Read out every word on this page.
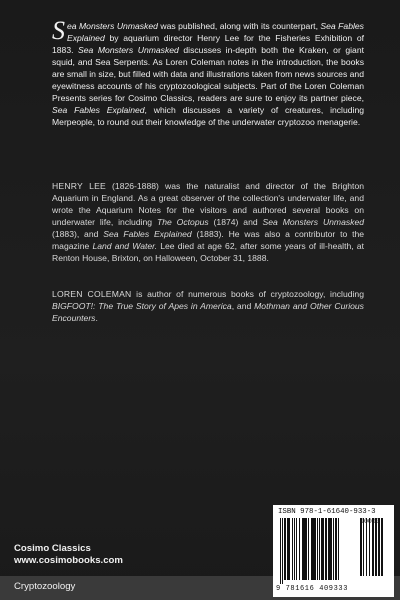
Sea Monsters Unmasked was published, along with its counterpart, Sea Fables Explained by aquarium director Henry Lee for the Fisheries Exhibition of 1883. Sea Monsters Unmasked discusses in-depth both the Kraken, or giant squid, and Sea Serpents. As Loren Coleman notes in the introduction, the books are small in size, but filled with data and illustrations taken from news sources and eyewitness accounts of his cryptozoological subjects. Part of the Loren Coleman Presents series for Cosimo Classics, readers are sure to enjoy its partner piece, Sea Fables Explained, which discusses a variety of creatures, including Merpeople, to round out their knowledge of the underwater cryptozoo menagerie.
HENRY LEE (1826-1888) was the naturalist and director of the Brighton Aquarium in England. As a great observer of the collection's underwater life, and wrote the Aquarium Notes for the visitors and authored several books on underwater life, including The Octopus (1874) and Sea Monsters Unmasked (1883), and Sea Fables Explained (1883). He was also a contributor to the magazine Land and Water. Lee died at age 62, after some years of ill-health, at Renton House, Brixton, on Halloween, October 31, 1888.
LOREN COLEMAN is author of numerous books of cryptozoology, including BIGFOOT!: The True Story of Apes in America, and Mothman and Other Curious Encounters.
Cosimo Classics
www.cosimobooks.com
Cryptozoology
ISBN 978-1-61640-933-3
90000
9 781616 409333
